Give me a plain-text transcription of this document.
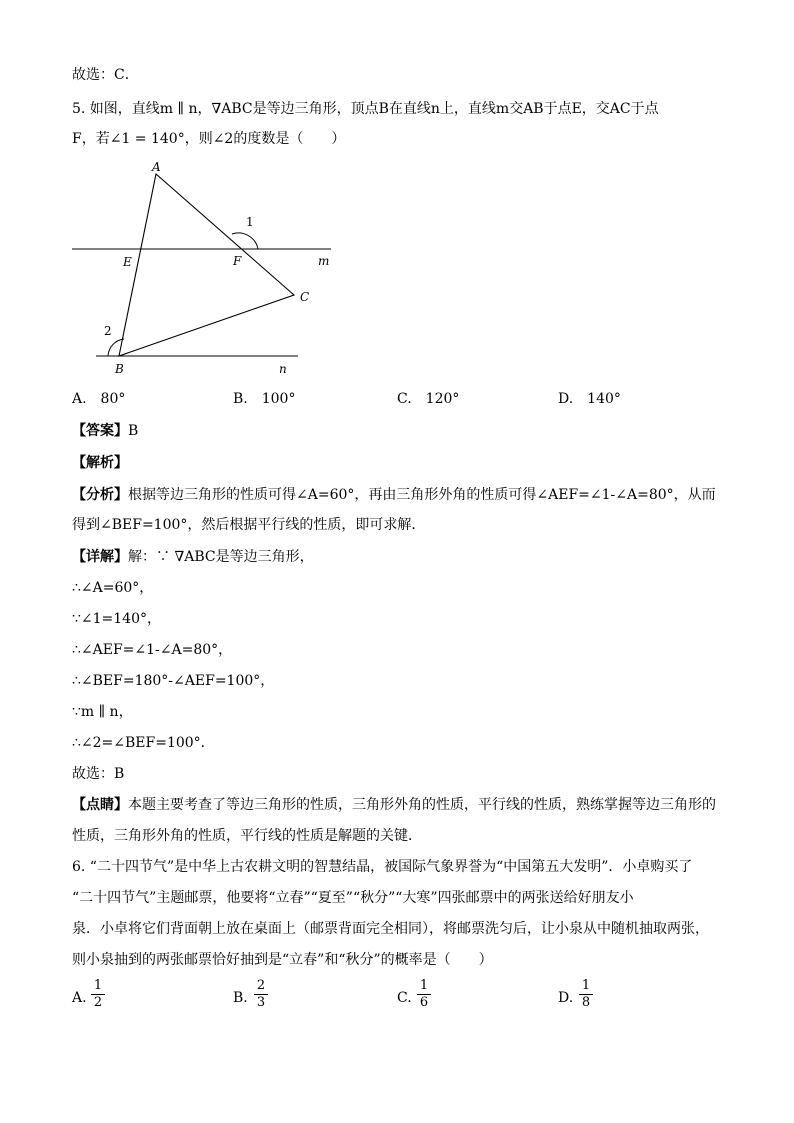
故选：C．
5. 如图，直线m ∥ n，∇ABC是等边三角形，顶点B在直线n上，直线m交AB于点E，交AC于点
F，若∠1 = 140°，则∠2的度数是（　　）
A
B
C
E	F	m
n
1
2
A.　80°	B.　100°	C.　120°	D.　140°
【答案】B
【解析】
【分析】根据等边三角形的性质可得∠A=60°，再由三角形外角的性质可得∠AEF=∠1-∠A=80°，从而
得到∠BEF=100°，然后根据平行线的性质，即可求解．
【详解】解：∵ ∇ABC是等边三角形，
∴∠A=60°，
∵∠1=140°，
∴∠AEF=∠1-∠A=80°，
∴∠BEF=180°-∠AEF=100°，
∵m ∥ n，
∴∠2=∠BEF=100°．
故选：B
【点睛】本题主要考查了等边三角形的性质，三角形外角的性质，平行线的性质，熟练掌握等边三角形的
性质，三角形外角的性质，平行线的性质是解题的关键．
6. “二十四节气”是中华上古农耕文明的智慧结晶，被国际气象界誉为“中国第五大发明”．小卓购买了
“二十四节气”主题邮票，他要将“立春”“夏至”“秋分”“大寒”四张邮票中的两张送给好朋友小
泉．小卓将它们背面朝上放在桌面上（邮票背面完全相同），将邮票洗匀后，让小泉从中随机抽取两张，
则小泉抽到的两张邮票恰好抽到是“立春”和“秋分”的概率是（　　）
A.
1
2	B.
2
3	C.
1
6	D.
1
8
